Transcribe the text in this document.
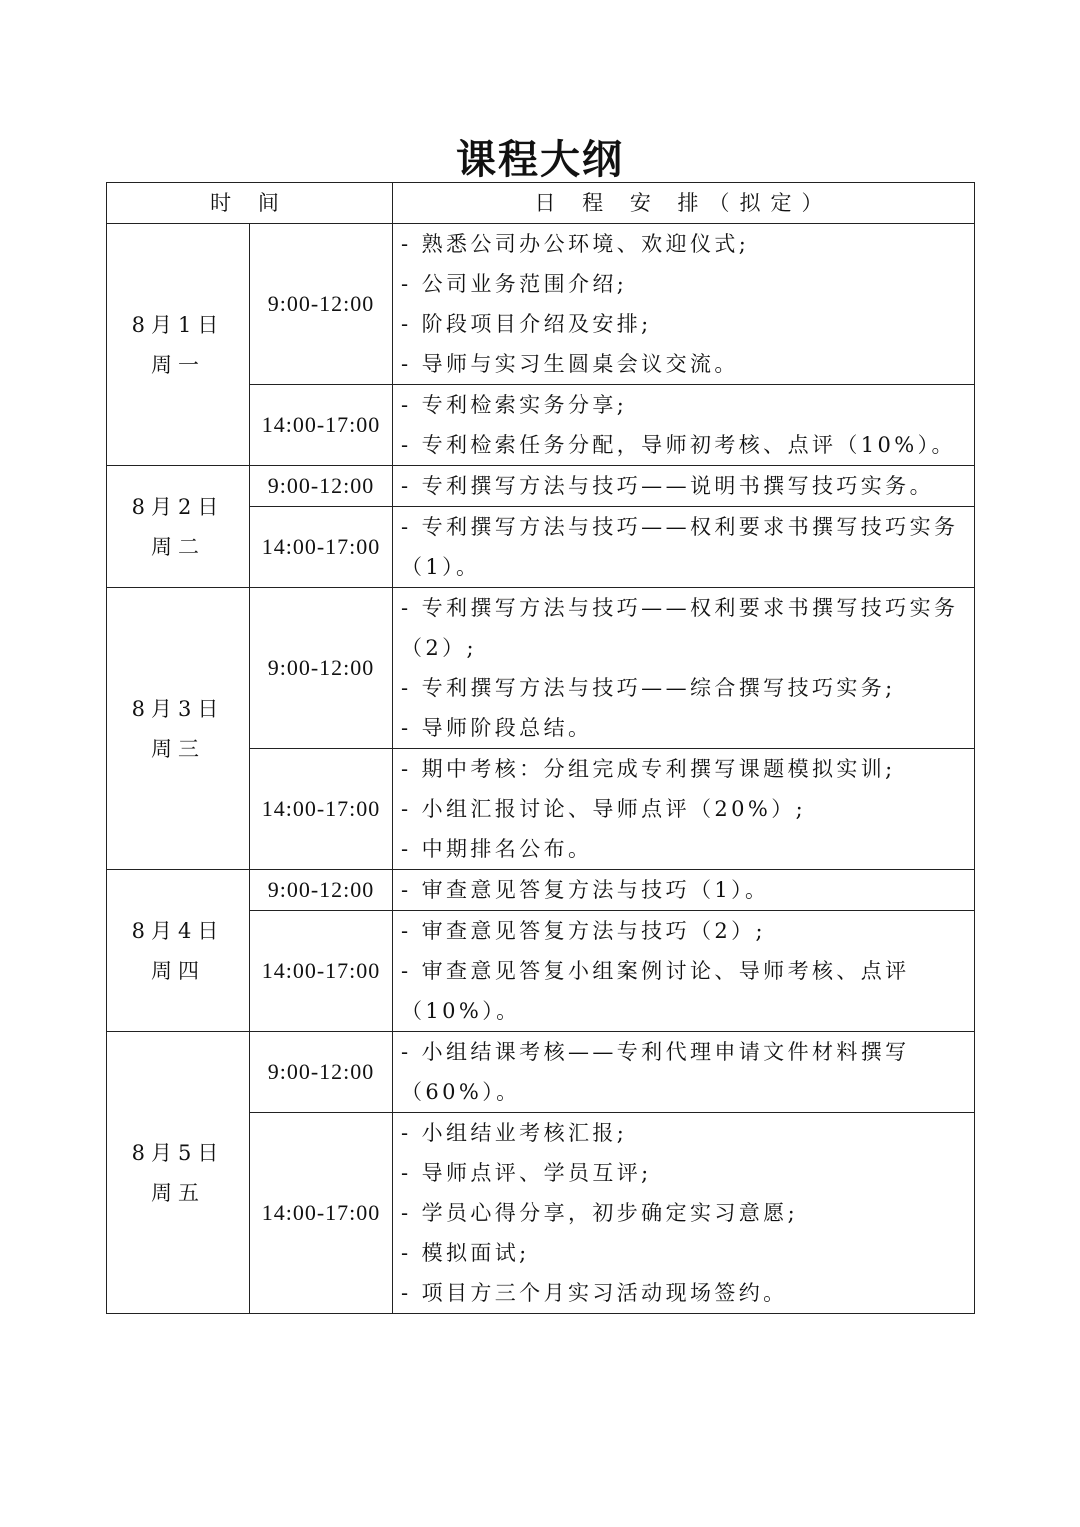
课程大纲
时 间		日 程 安 排（拟定）

8月1日
周一	9:00-12:00	- 熟悉公司办公环境、欢迎仪式;
- 公司业务范围介绍;
- 阶段项目介绍及安排;
- 导师与实习生圆桌会议交流。

	14:00-17:00	- 专利检索实务分享;
- 专利检索任务分配，导师初考核、点评（10%）。

8月2日
周二	9:00-12:00	- 专利撰写方法与技巧——说明书撰写技巧实务。

	14:00-17:00	- 专利撰写方法与技巧——权利要求书撰写技巧实务（1）。

8月3日
周三	9:00-12:00	- 专利撰写方法与技巧——权利要求书撰写技巧实务（2）;
- 专利撰写方法与技巧——综合撰写技巧实务;
- 导师阶段总结。

	14:00-17:00	- 期中考核：分组完成专利撰写课题模拟实训;
- 小组汇报讨论、导师点评（20%）;
- 中期排名公布。

8月4日
周四	9:00-12:00	- 审查意见答复方法与技巧（1）。

	14:00-17:00	- 审查意见答复方法与技巧（2）;
- 审查意见答复小组案例讨论、导师考核、点评（10%）。

8月5日
周五	9:00-12:00	- 小组结课考核——专利代理申请文件材料撰写（60%）。

	14:00-17:00	- 小组结业考核汇报;
- 导师点评、学员互评;
- 学员心得分享，初步确定实习意愿;
- 模拟面试;
- 项目方三个月实习活动现场签约。
